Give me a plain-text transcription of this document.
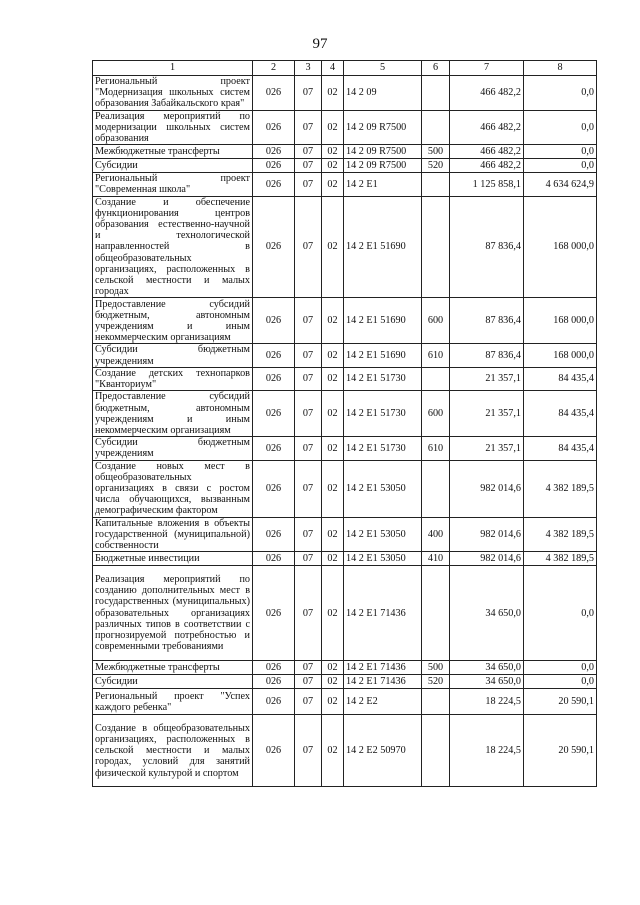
97
1	2	3	4	5	6	7	8
Региональный проект "Модернизация школьных систем образования Забайкальского края"	026	07	02	14 2 09		466 482,2	0,0
Реализация мероприятий по модернизации школьных систем образования	026	07	02	14 2 09 R7500		466 482,2	0,0
Межбюджетные трансферты	026	07	02	14 2 09 R7500	500	466 482,2	0,0
Субсидии	026	07	02	14 2 09 R7500	520	466 482,2	0,0
Региональный проект "Современная школа"	026	07	02	14 2 E1		1 125 858,1	4 634 624,9
Создание и обеспечение функционирования центров образования естественно-научной и технологической направленностей в общеобразовательных организациях, расположенных в сельской местности и малых городах	026	07	02	14 2 E1 51690		87 836,4	168 000,0
Предоставление субсидий бюджетным, автономным учреждениям и иным некоммерческим организациям	026	07	02	14 2 E1 51690	600	87 836,4	168 000,0
Субсидии бюджетным учреждениям	026	07	02	14 2 E1 51690	610	87 836,4	168 000,0
Создание детских технопарков "Кванториум"	026	07	02	14 2 E1 51730		21 357,1	84 435,4
Предоставление субсидий бюджетным, автономным учреждениям и иным некоммерческим организациям	026	07	02	14 2 E1 51730	600	21 357,1	84 435,4
Субсидии бюджетным учреждениям	026	07	02	14 2 E1 51730	610	21 357,1	84 435,4
Создание новых мест в общеобразовательных организациях в связи с ростом числа обучающихся, вызванным демографическим фактором	026	07	02	14 2 E1 53050		982 014,6	4 382 189,5
Капитальные вложения в объекты государственной (муниципальной) собственности	026	07	02	14 2 E1 53050	400	982 014,6	4 382 189,5
Бюджетные инвестиции	026	07	02	14 2 E1 53050	410	982 014,6	4 382 189,5
Реализация мероприятий по созданию дополнительных мест в государственных (муниципальных) образовательных организациях различных типов в соответствии с прогнозируемой потребностью и современными требованиями	026	07	02	14 2 E1 71436		34 650,0	0,0
Межбюджетные трансферты	026	07	02	14 2 E1 71436	500	34 650,0	0,0
Субсидии	026	07	02	14 2 E1 71436	520	34 650,0	0,0
Региональный проект "Успех каждого ребенка"	026	07	02	14 2 E2		18 224,5	20 590,1
Создание в общеобразовательных организациях, расположенных в сельской местности и малых городах, условий для занятий физической культурой и спортом	026	07	02	14 2 E2 50970		18 224,5	20 590,1
